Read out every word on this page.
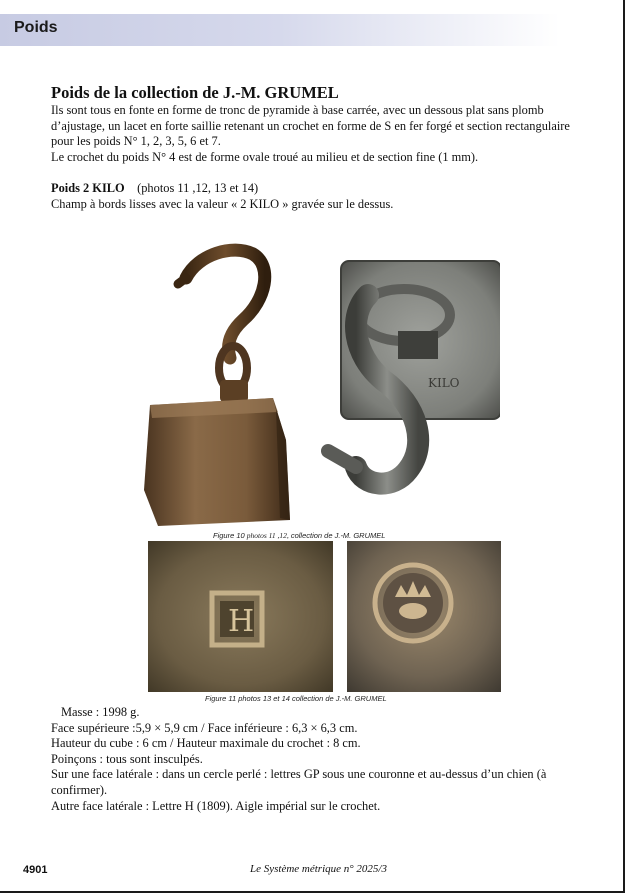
Poids
Poids de la collection de J.-M. GRUMEL

Ils sont tous en fonte en forme de tronc de pyramide à base carrée, avec un dessous plat sans plomb

d’ajustage, un lacet en forte saillie retenant un crochet en forme de S en fer forgé et section rectangulaire

pour les poids N° 1, 2, 3, 5, 6 et 7.

Le crochet du poids N° 4 est de forme ovale troué au milieu et de section fine (1 mm).

Poids 2 KILO (photos 11 ,12, 13 et 14)
Champ à bords lisses avec la valeur « 2 KILO » gravée sur le dessus.
KILO
Figure 10 photos 11 ,12, collection de J.-M. GRUMEL
H
Figure 11 photos 13 et 14 collection de J.-M. GRUMEL

Masse : 1998 g.

Face supérieure :5,9 × 5,9 cm / Face inférieure : 6,3 × 6,3 cm.

Hauteur du cube : 6 cm / Hauteur maximale du crochet : 8 cm.

Poinçons : tous sont insculpés.

Sur une face latérale : dans un cercle perlé : lettres GP sous une couronne et au-dessus d’un chien (à

confirmer).

Autre face latérale : Lettre H (1809). Aigle impérial sur le crochet.

4901	Le Système métrique n° 2025/3
